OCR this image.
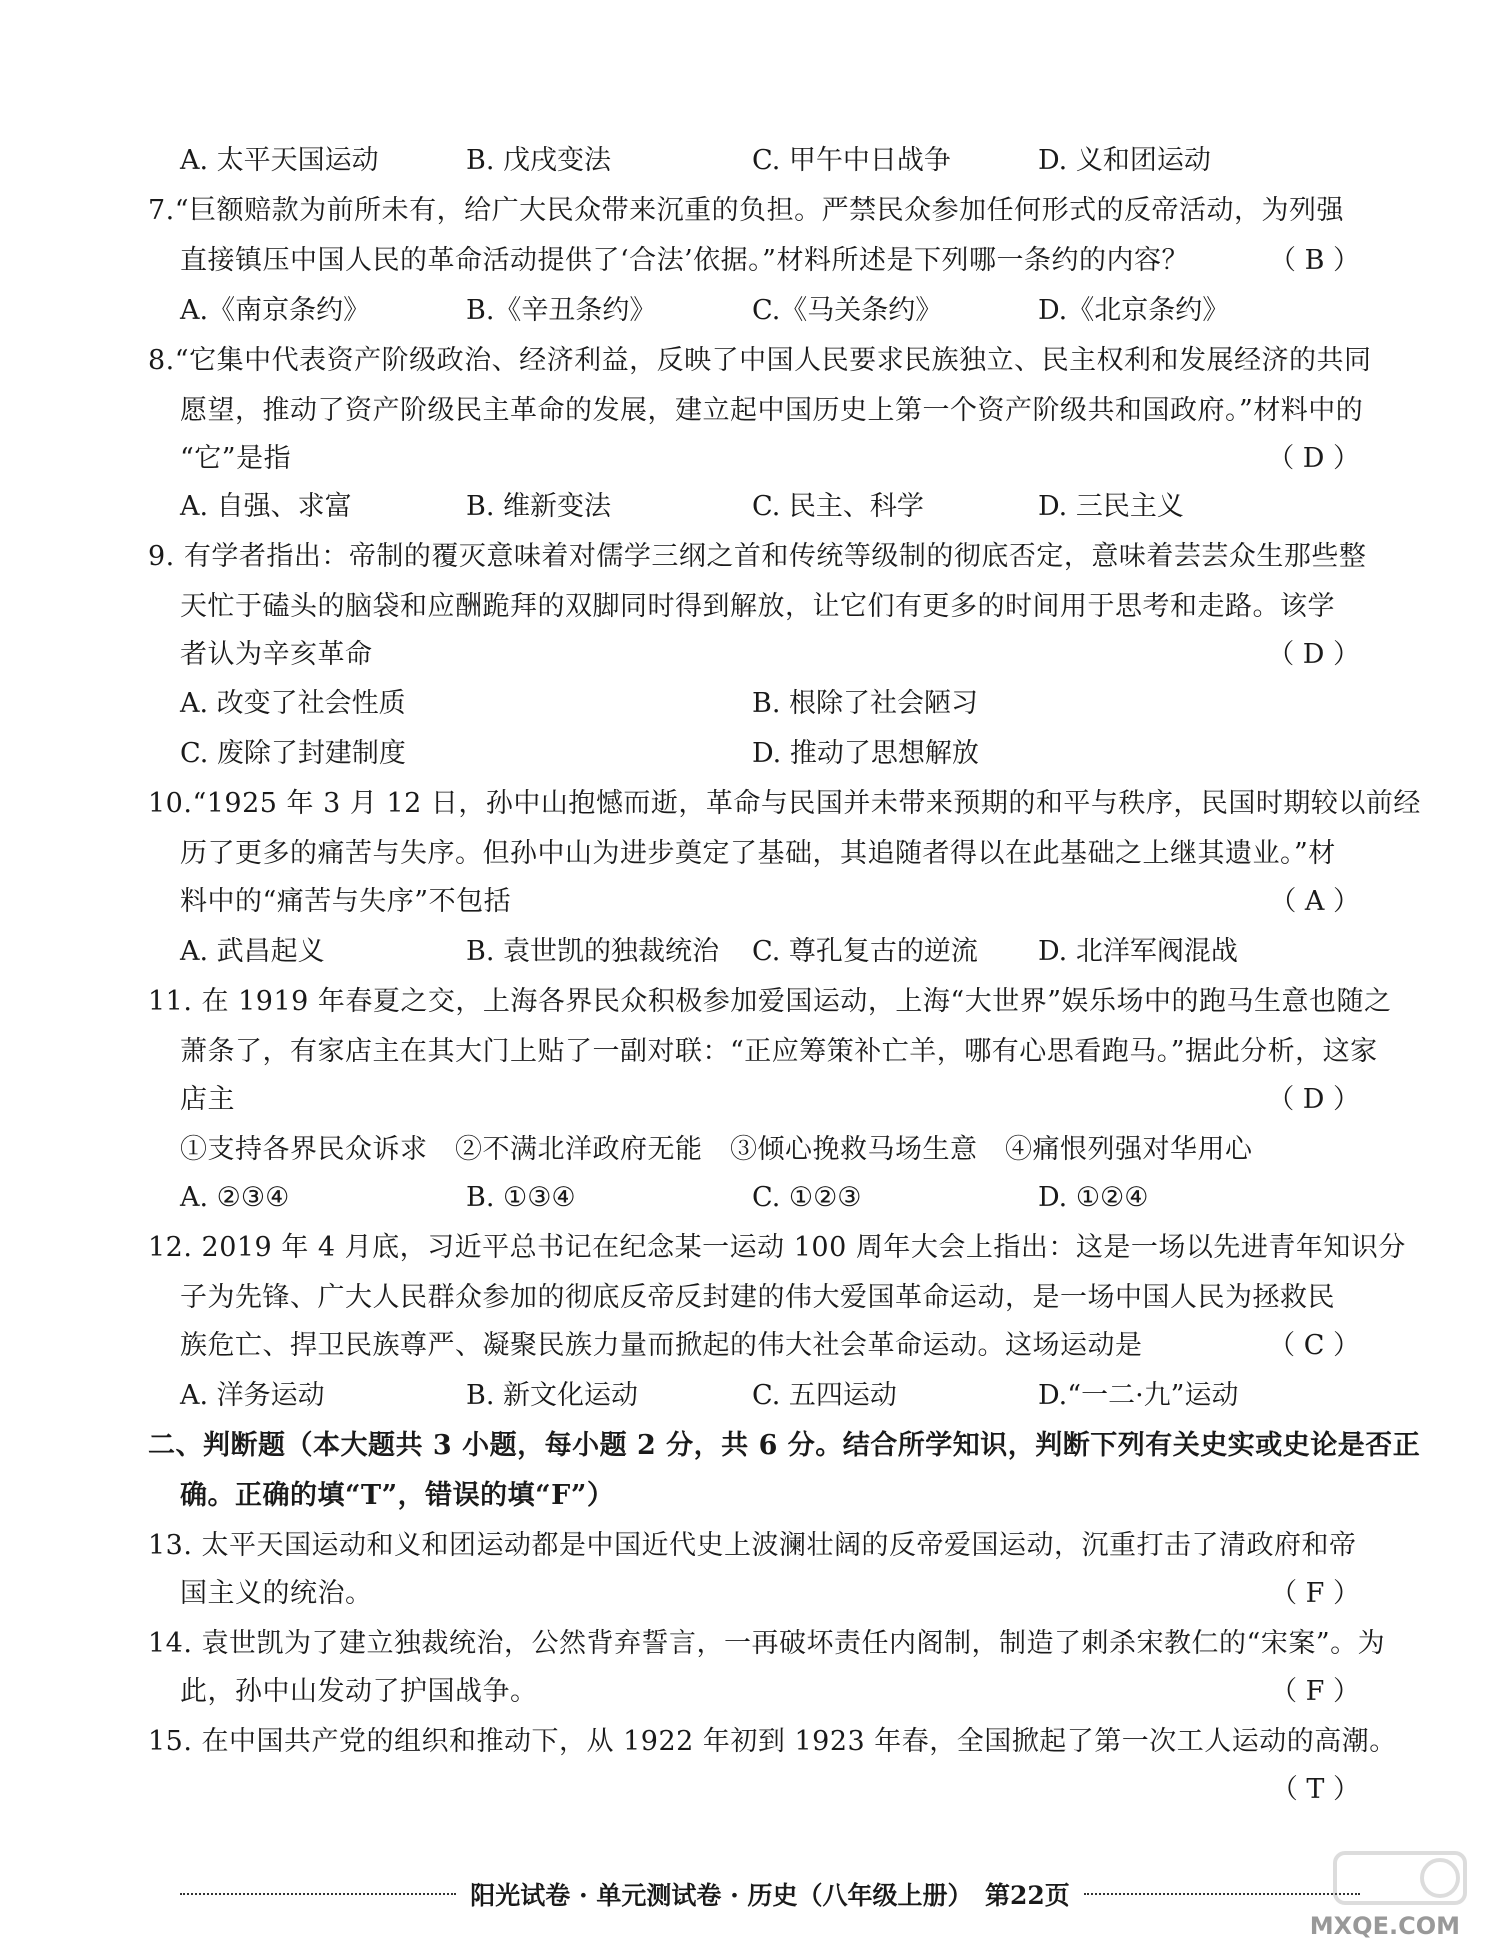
A. 太平天国运动	B. 戊戌变法	C. 甲午中日战争	D. 义和团运动
7.“巨额赔款为前所未有，给广大民众带来沉重的负担。严禁民众参加任何形式的反帝活动，为列强
直接镇压中国人民的革命活动提供了‘合法’依据。”材料所述是下列哪一条约的内容？	（ B ）
A.《南京条约》	B.《辛丑条约》	C.《马关条约》	D.《北京条约》
8.“它集中代表资产阶级政治、经济利益，反映了中国人民要求民族独立、民主权利和发展经济的共同
愿望，推动了资产阶级民主革命的发展，建立起中国历史上第一个资产阶级共和国政府。”材料中的
“它”是指	（ D ）
A. 自强、求富	B. 维新变法	C. 民主、科学	D. 三民主义
9. 有学者指出：帝制的覆灭意味着对儒学三纲之首和传统等级制的彻底否定，意味着芸芸众生那些整
天忙于磕头的脑袋和应酬跪拜的双脚同时得到解放，让它们有更多的时间用于思考和走路。该学
者认为辛亥革命	（ D ）
A. 改变了社会性质	B. 根除了社会陋习
C. 废除了封建制度	D. 推动了思想解放
10.“1925 年 3 月 12 日，孙中山抱憾而逝，革命与民国并未带来预期的和平与秩序，民国时期较以前经
历了更多的痛苦与失序。但孙中山为进步奠定了基础，其追随者得以在此基础之上继其遗业。”材
料中的“痛苦与失序”不包括	（ A ）
A. 武昌起义	B. 袁世凯的独裁统治 C. 尊孔复古的逆流 D. 北洋军阀混战
11. 在 1919 年春夏之交，上海各界民众积极参加爱国运动，上海“大世界”娱乐场中的跑马生意也随之
萧条了，有家店主在其大门上贴了一副对联：“正应筹策补亡羊，哪有心思看跑马。”据此分析，这家
店主	（ D ）
①支持各界民众诉求　②不满北洋政府无能　③倾心挽救马场生意　④痛恨列强对华用心
A. ②③④	B. ①③④	C. ①②③	D. ①②④
12. 2019 年 4 月底，习近平总书记在纪念某一运动 100 周年大会上指出：这是一场以先进青年知识分
子为先锋、广大人民群众参加的彻底反帝反封建的伟大爱国革命运动，是一场中国人民为拯救民
族危亡、捍卫民族尊严、凝聚民族力量而掀起的伟大社会革命运动。这场运动是	（ C ）
A. 洋务运动	B. 新文化运动	C. 五四运动	D.“一二·九”运动
二、判断题（本大题共 3 小题，每小题 2 分，共 6 分。结合所学知识，判断下列有关史实或史论是否正
确。正确的填“T”，错误的填“F”）
13. 太平天国运动和义和团运动都是中国近代史上波澜壮阔的反帝爱国运动，沉重打击了清政府和帝
国主义的统治。	（ F ）
14. 袁世凯为了建立独裁统治，公然背弃誓言，一再破坏责任内阁制，制造了刺杀宋教仁的“宋案”。为
此，孙中山发动了护国战争。	（ F ）
15. 在中国共产党的组织和推动下，从 1922 年初到 1923 年春，全国掀起了第一次工人运动的高潮。
（ T ）
阳光试卷 · 单元测试卷 · 历史（八年级上册）　第22页
MXQE.COM
